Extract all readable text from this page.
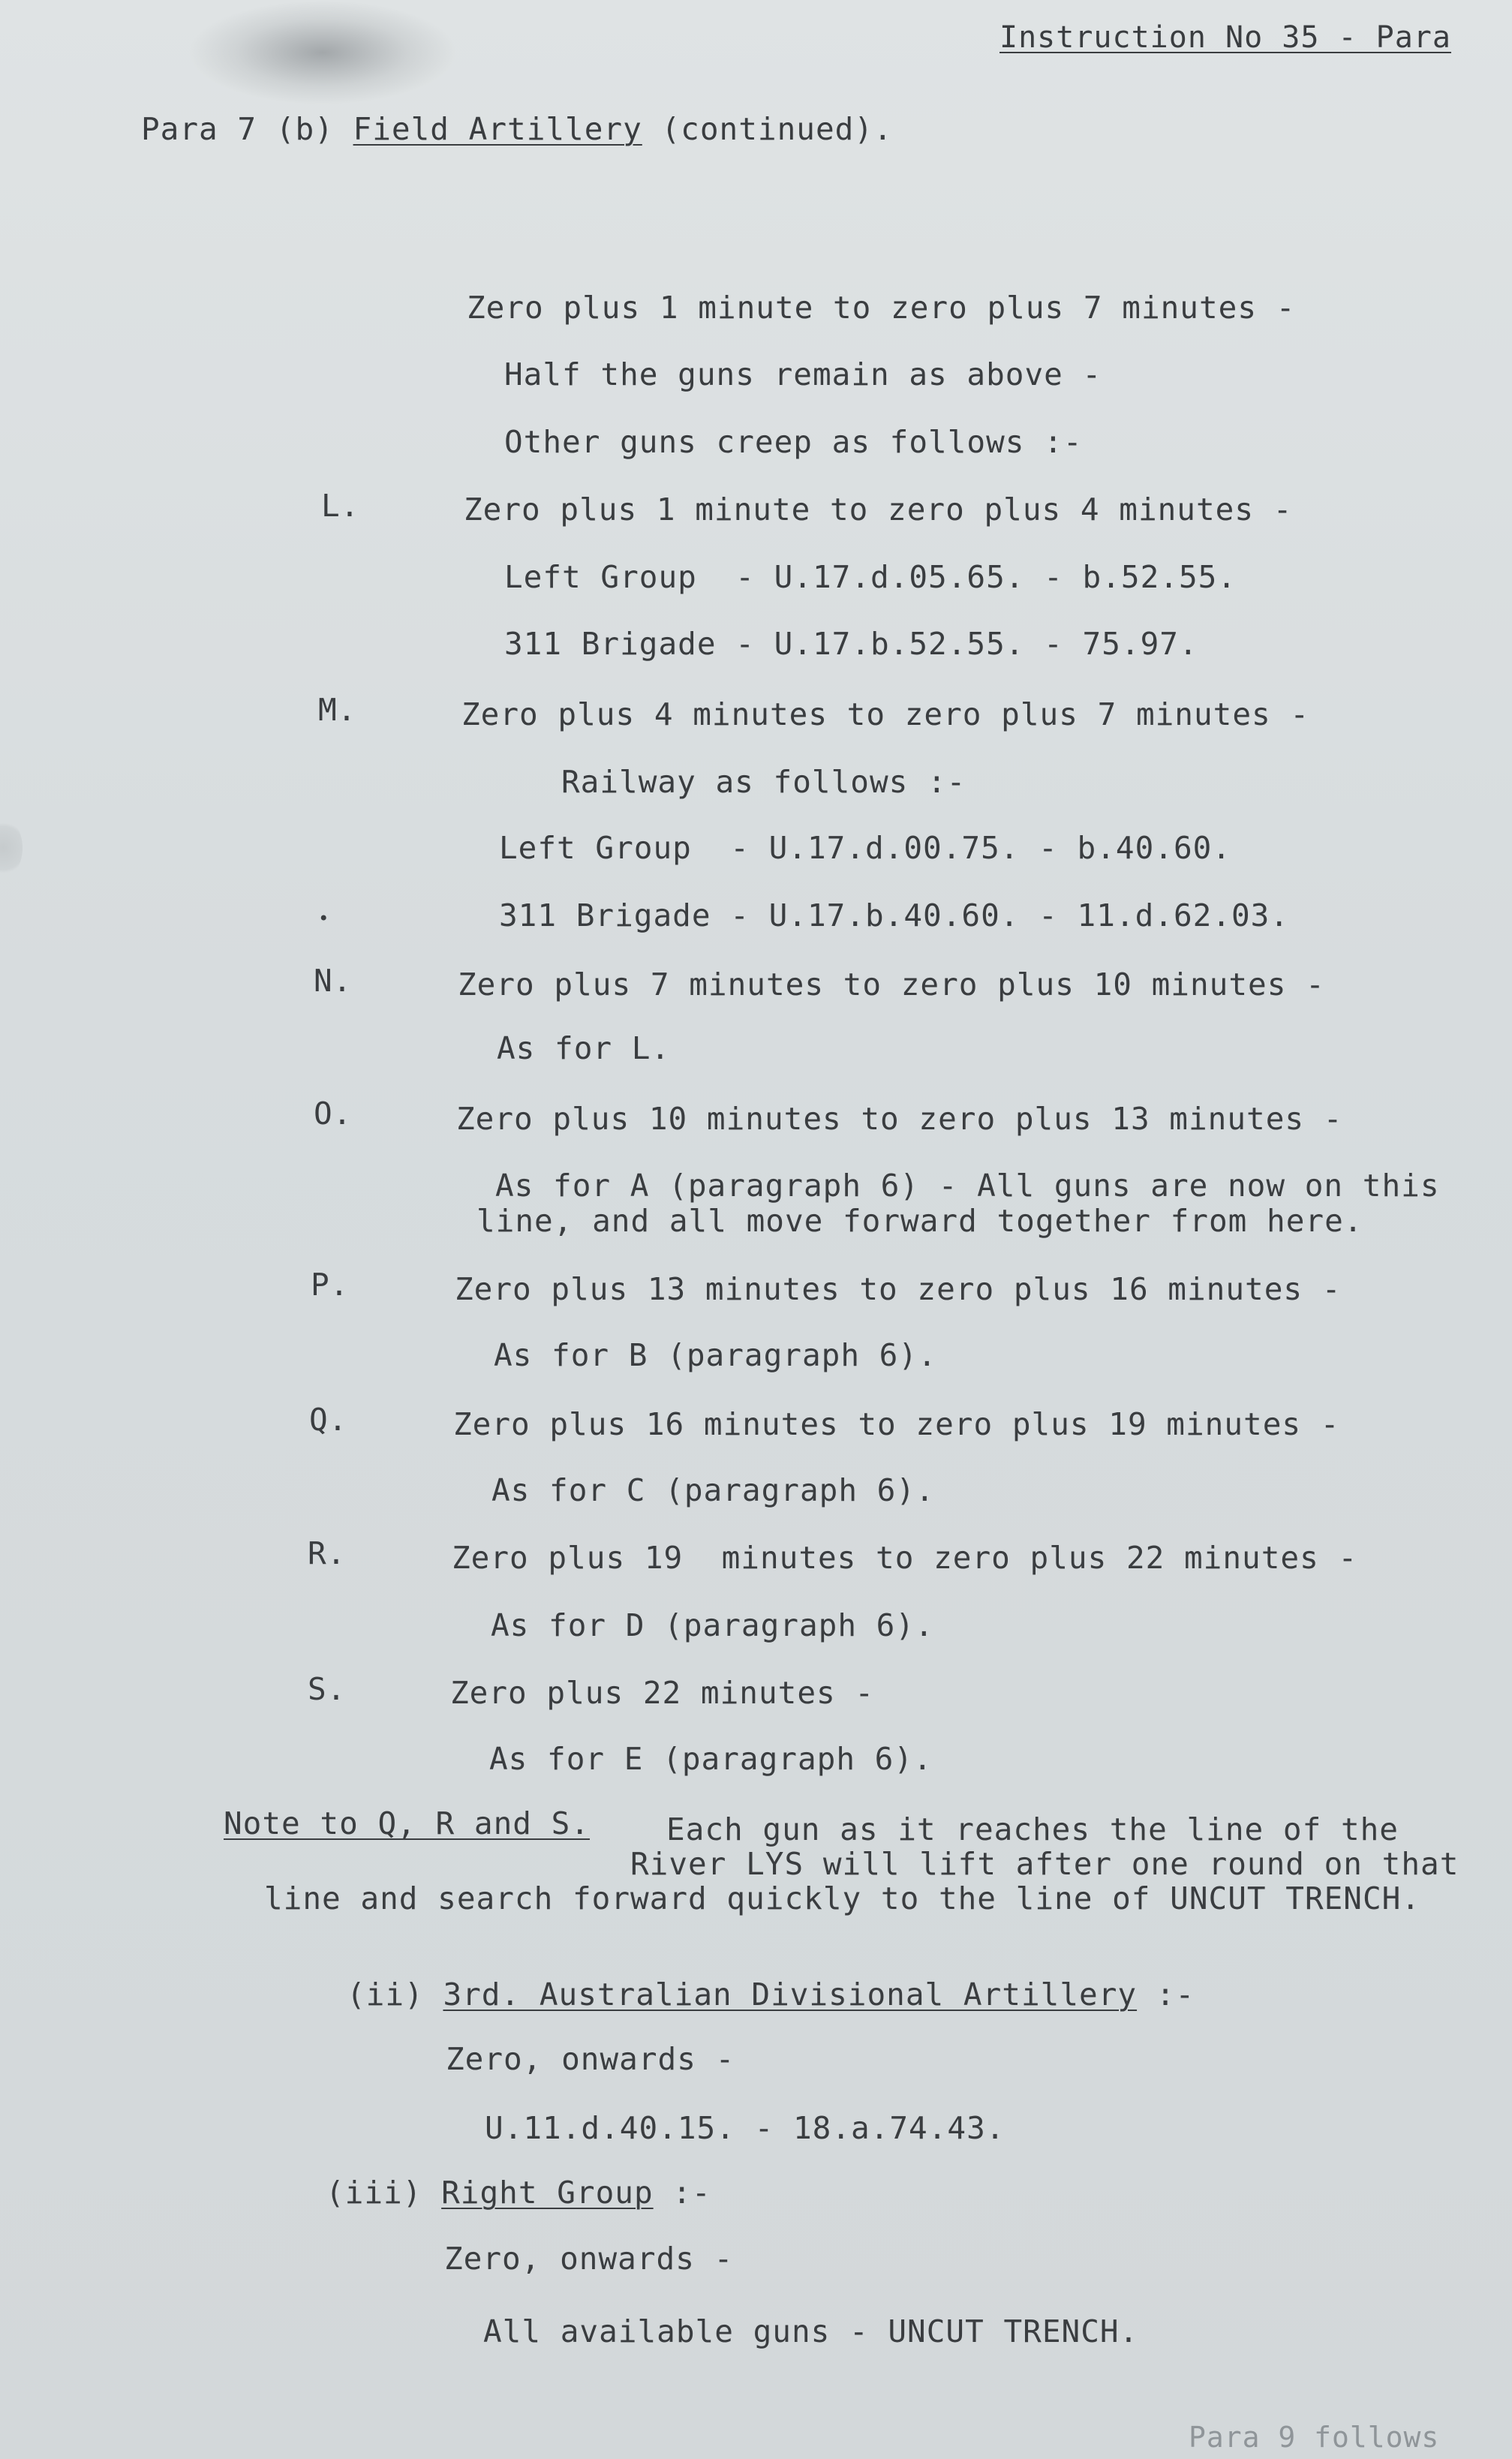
Instruction No 35 - Para
Para 7 (b) Field Artillery (continued).
Zero plus 1 minute to zero plus 7 minutes -
Half the guns remain as above -
Other guns creep as follows :-
L.	Zero plus 1 minute to zero plus 4 minutes -
Left Group  - U.17.d.05.65. - b.52.55.
311 Brigade - U.17.b.52.55. - 75.97.
M.	Zero plus 4 minutes to zero plus 7 minutes -
Railway as follows :-
Left Group  - U.17.d.00.75. - b.40.60.
•	311 Brigade - U.17.b.40.60. - 11.d.62.03.
N.	Zero plus 7 minutes to zero plus 10 minutes -
As for L.
O.	Zero plus 10 minutes to zero plus 13 minutes -
As for A (paragraph 6) - All guns are now on this
line, and all move forward together from here.
P.	Zero plus 13 minutes to zero plus 16 minutes -
As for B (paragraph 6).
Q.	Zero plus 16 minutes to zero plus 19 minutes -
As for C (paragraph 6).
R.	Zero plus 19  minutes to zero plus 22 minutes -
As for D (paragraph 6).
S.	Zero plus 22 minutes -
As for E (paragraph 6).
Note to Q, R and S. Each gun as it reaches the line of the
River LYS will lift after one round on that
line and search forward quickly to the line of UNCUT TRENCH.
(ii) 3rd. Australian Divisional Artillery :-
Zero, onwards -
U.11.d.40.15. - 18.a.74.43.
(iii) Right Group :-
Zero, onwards -
All available guns - UNCUT TRENCH.
Para 9 follows
